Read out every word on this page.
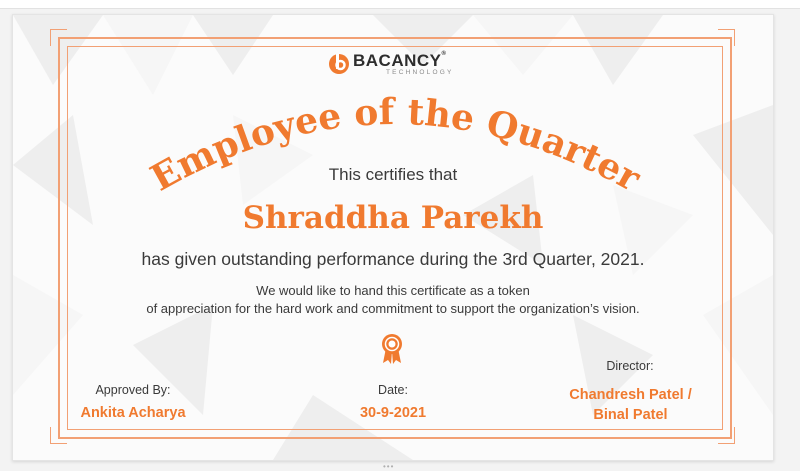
BACANCY®
TECHNOLOGY
Employee of the Quarter

This certifies that

Shraddha Parekh

has given outstanding performance during the 3rd Quarter, 2021.

We would like to hand this certificate as a token

of appreciation for the hard work and commitment to support the organization’s vision.

Approved By:
Ankita Acharya
Date:
30-9-2021
Director:
Chandresh Patel /
Binal Patel
•••
